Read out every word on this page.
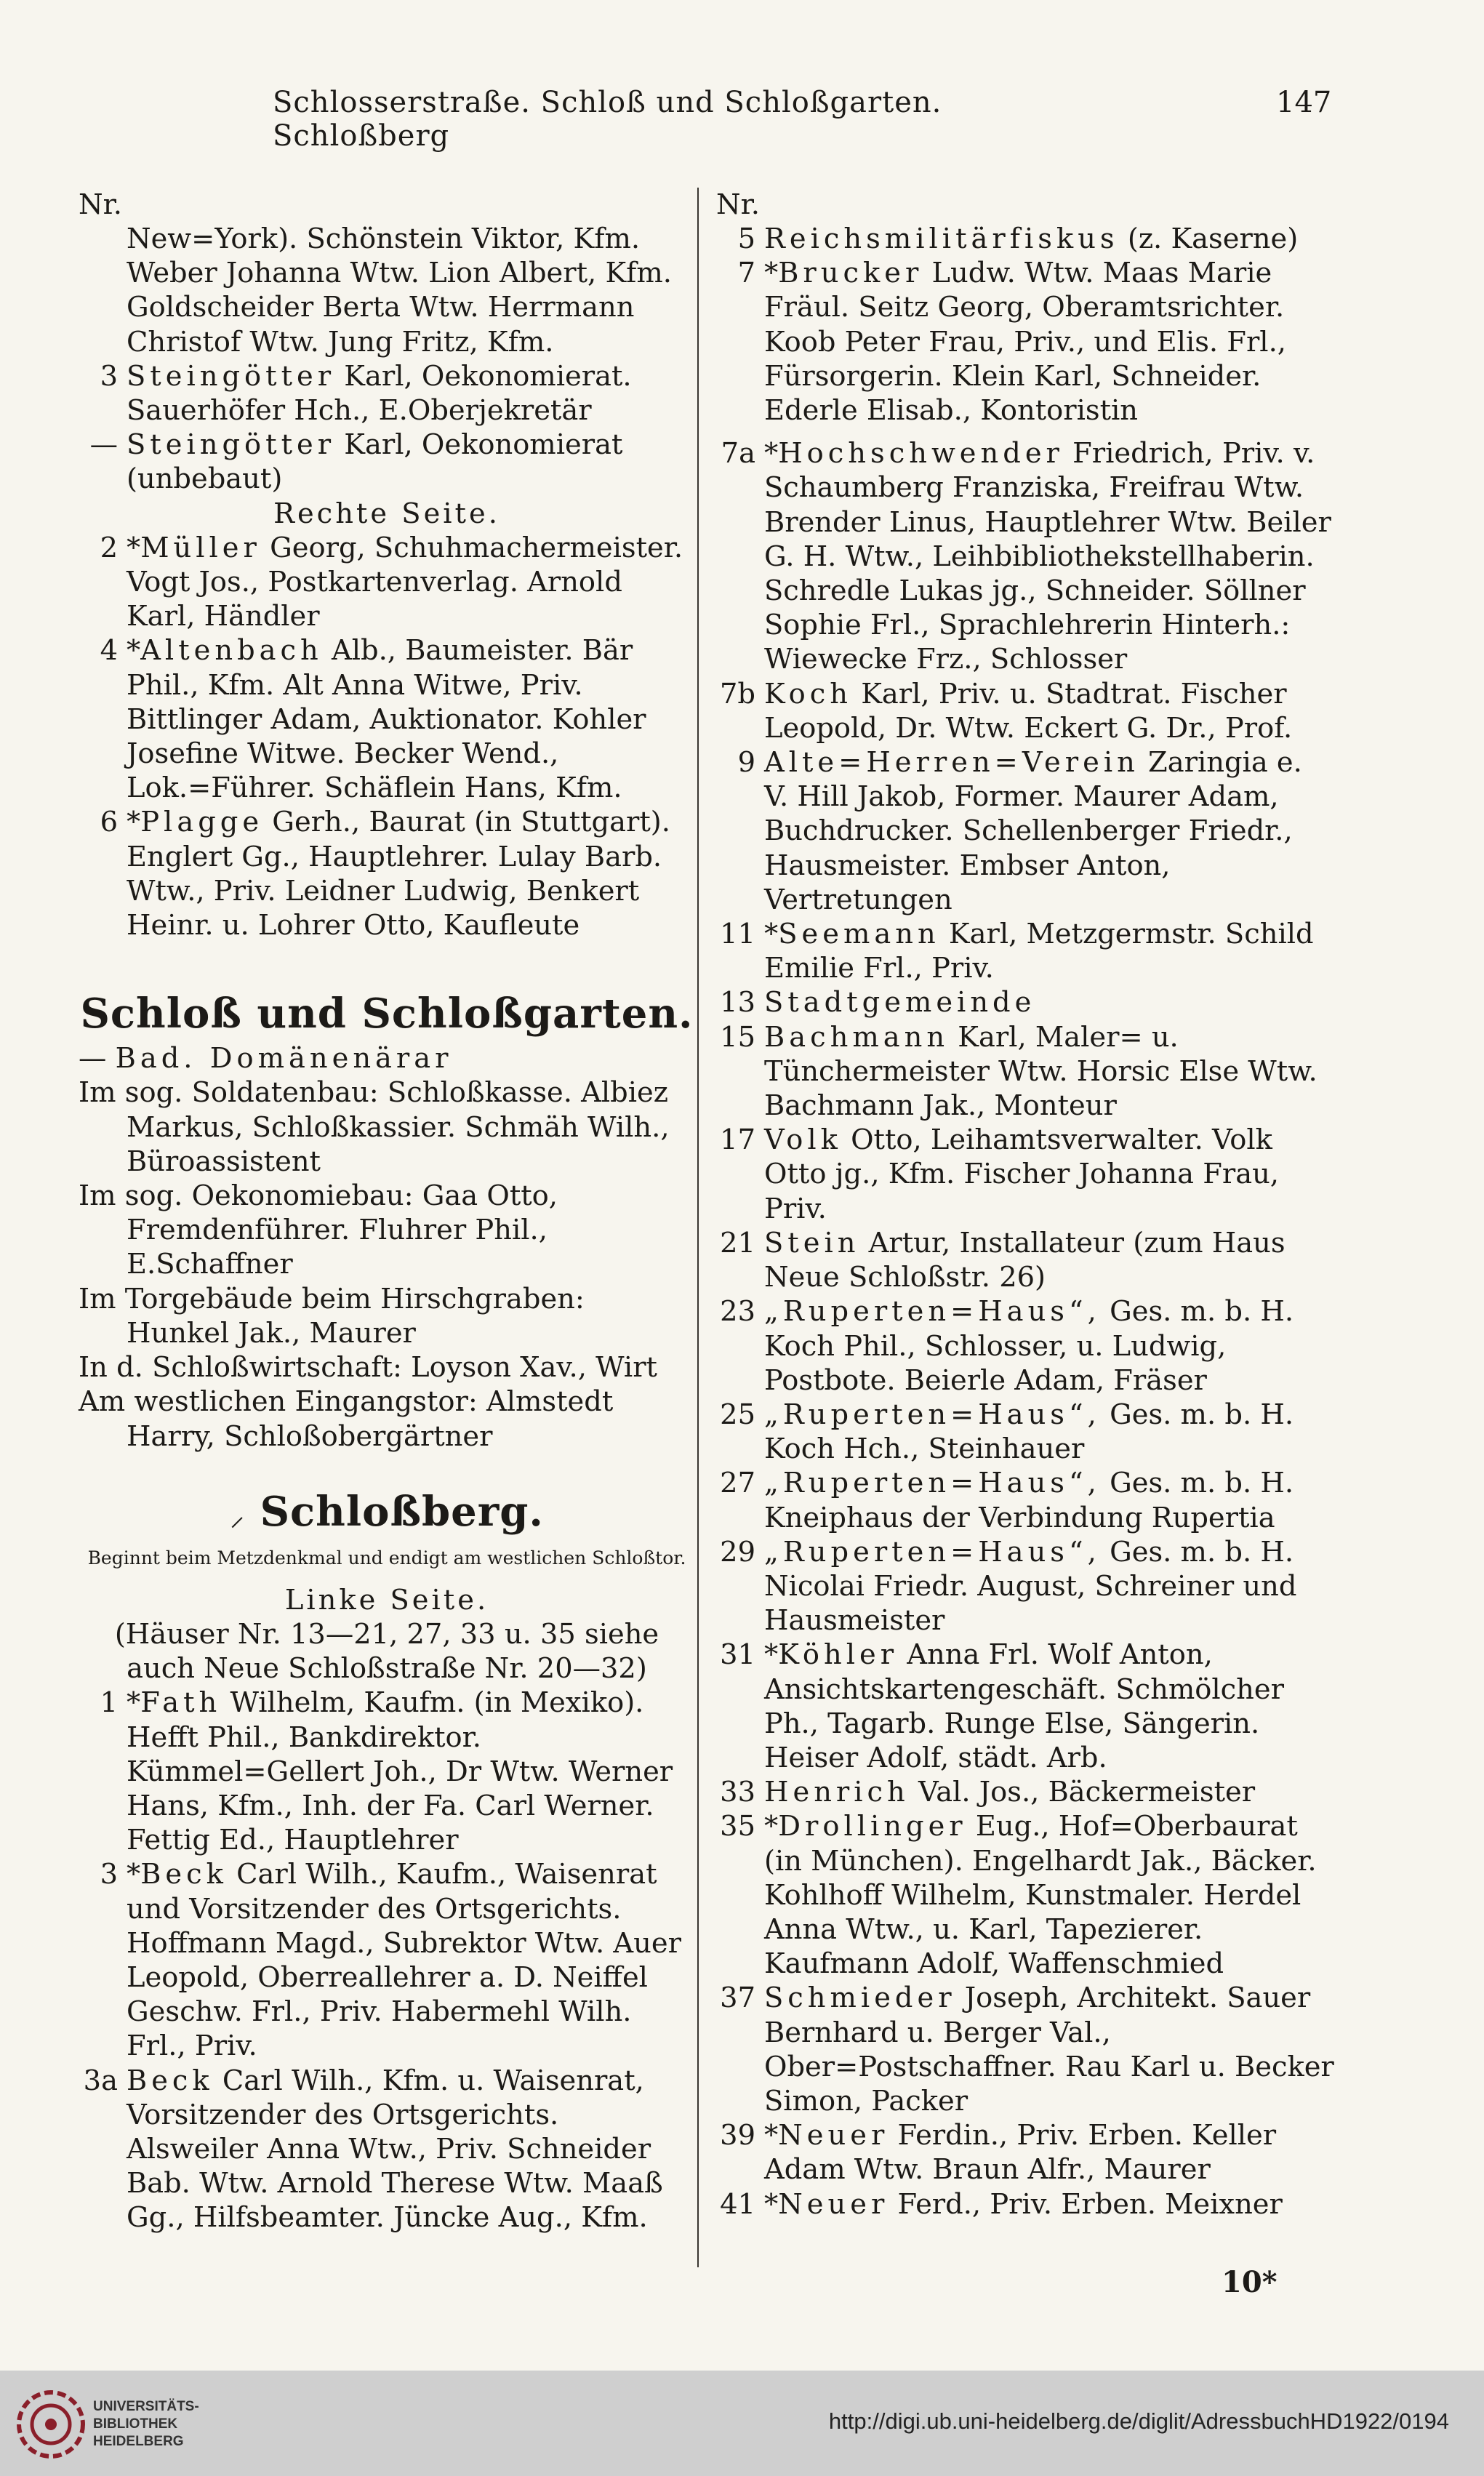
Schlosserstraße. Schloß und Schloßgarten. Schloßberg
147
Nr.
New=York). Schönstein Viktor, Kfm. Weber Johanna Wtw. Lion Albert, Kfm. Goldscheider Berta Wtw. Herrmann Christof Wtw. Jung Fritz, Kfm.
3 Steingötter Karl, Oekonomierat. Sauerhöfer Hch., E.Oberjekretär
— Steingötter Karl, Oekonomierat (unbebaut)
Rechte Seite.
2 *Müller Georg, Schuhmachermeister. Vogt Jos., Postkartenverlag. Arnold Karl, Händler
4 *Altenbach Alb., Baumeister. Bär Phil., Kfm. Alt Anna Witwe, Priv. Bittlinger Adam, Auktionator. Kohler Josefine Witwe. Becker Wend., Lok.=Führer. Schäflein Hans, Kfm.
6 *Plagge Gerh., Baurat (in Stuttgart). Englert Gg., Hauptlehrer. Lulay Barb. Wtw., Priv. Leidner Ludwig, Benkert Heinr. u. Lohrer Otto, Kaufleute
Schloß und Schloßgarten.
— Bad. Domänenärar
Im sog. Soldatenbau: Schloßkasse. Albiez Markus, Schloßkassier. Schmäh Wilh., Büroassistent
Im sog. Oekonomiebau: Gaa Otto, Fremdenführer. Fluhrer Phil., E.Schaffner
Im Torgebäude beim Hirschgraben: Hunkel Jak., Maurer
In d. Schloßwirtschaft: Loyson Xav., Wirt
Am westlichen Eingangstor: Almstedt Harry, Schloßobergärtner
⸝ Schloßberg.
Beginnt beim Metzdenkmal und endigt am westlichen Schloßtor.
Linke Seite.
(Häuser Nr. 13—21, 27, 33 u. 35 siehe auch Neue Schloßstraße Nr. 20—32)
1 *Fath Wilhelm, Kaufm. (in Mexiko). Hefft Phil., Bankdirektor. Kümmel=Gellert Joh., Dr Wtw. Werner Hans, Kfm., Inh. der Fa. Carl Werner. Fettig Ed., Hauptlehrer
3 *Beck Carl Wilh., Kaufm., Waisenrat und Vorsitzender des Ortsgerichts. Hoffmann Magd., Subrektor Wtw. Auer Leopold, Oberreallehrer a. D. Neiffel Geschw. Frl., Priv. Habermehl Wilh. Frl., Priv.
3a Beck Carl Wilh., Kfm. u. Waisenrat, Vorsitzender des Ortsgerichts. Alsweiler Anna Wtw., Priv. Schneider Bab. Wtw. Arnold Therese Wtw. Maaß Gg., Hilfsbeamter. Jüncke Aug., Kfm.
Nr.
5 Reichsmilitärfiskus (z. Kaserne)
7 *Brucker Ludw. Wtw. Maas Marie Fräul. Seitz Georg, Oberamtsrichter. Koob Peter Frau, Priv., und Elis. Frl., Fürsorgerin. Klein Karl, Schneider. Ederle Elisab., Kontoristin
7a *Hochschwender Friedrich, Priv. v. Schaumberg Franziska, Freifrau Wtw. Brender Linus, Hauptlehrer Wtw. Beiler G. H. Wtw., Leihbibliothekstellhaberin. Schredle Lukas jg., Schneider. Söllner Sophie Frl., Sprachlehrerin Hinterh.: Wiewecke Frz., Schlosser
7b Koch Karl, Priv. u. Stadtrat. Fischer Leopold, Dr. Wtw. Eckert G. Dr., Prof.
9 Alte=Herren=Verein Zaringia e. V. Hill Jakob, Former. Maurer Adam, Buchdrucker. Schellenberger Friedr., Hausmeister. Embser Anton, Vertretungen
11 *Seemann Karl, Metzgermstr. Schild Emilie Frl., Priv.
13 Stadtgemeinde
15 Bachmann Karl, Maler= u. Tünchermeister Wtw. Horsic Else Wtw. Bachmann Jak., Monteur
17 Volk Otto, Leihamtsverwalter. Volk Otto jg., Kfm. Fischer Johanna Frau, Priv.
21 Stein Artur, Installateur (zum Haus Neue Schloßstr. 26)
23 „Ruperten=Haus“, Ges. m. b. H. Koch Phil., Schlosser, u. Ludwig, Postbote. Beierle Adam, Fräser
25 „Ruperten=Haus“, Ges. m. b. H. Koch Hch., Steinhauer
27 „Ruperten=Haus“, Ges. m. b. H. Kneiphaus der Verbindung Rupertia
29 „Ruperten=Haus“, Ges. m. b. H. Nicolai Friedr. August, Schreiner und Hausmeister
31 *Köhler Anna Frl. Wolf Anton, Ansichtskartengeschäft. Schmölcher Ph., Tagarb. Runge Else, Sängerin. Heiser Adolf, städt. Arb.
33 Henrich Val. Jos., Bäckermeister
35 *Drollinger Eug., Hof=Oberbaurat (in München). Engelhardt Jak., Bäcker. Kohlhoff Wilhelm, Kunstmaler. Herdel Anna Wtw., u. Karl, Tapezierer. Kaufmann Adolf, Waffenschmied
37 Schmieder Joseph, Architekt. Sauer Bernhard u. Berger Val., Ober=Postschaffner. Rau Karl u. Becker Simon, Packer
39 *Neuer Ferdin., Priv. Erben. Keller Adam Wtw. Braun Alfr., Maurer
41 *Neuer Ferd., Priv. Erben. Meixner
10*
UNIVERSITÄTS-
BIBLIOTHEK
HEIDELBERG
http://digi.ub.uni-heidelberg.de/diglit/AdressbuchHD1922/0194
